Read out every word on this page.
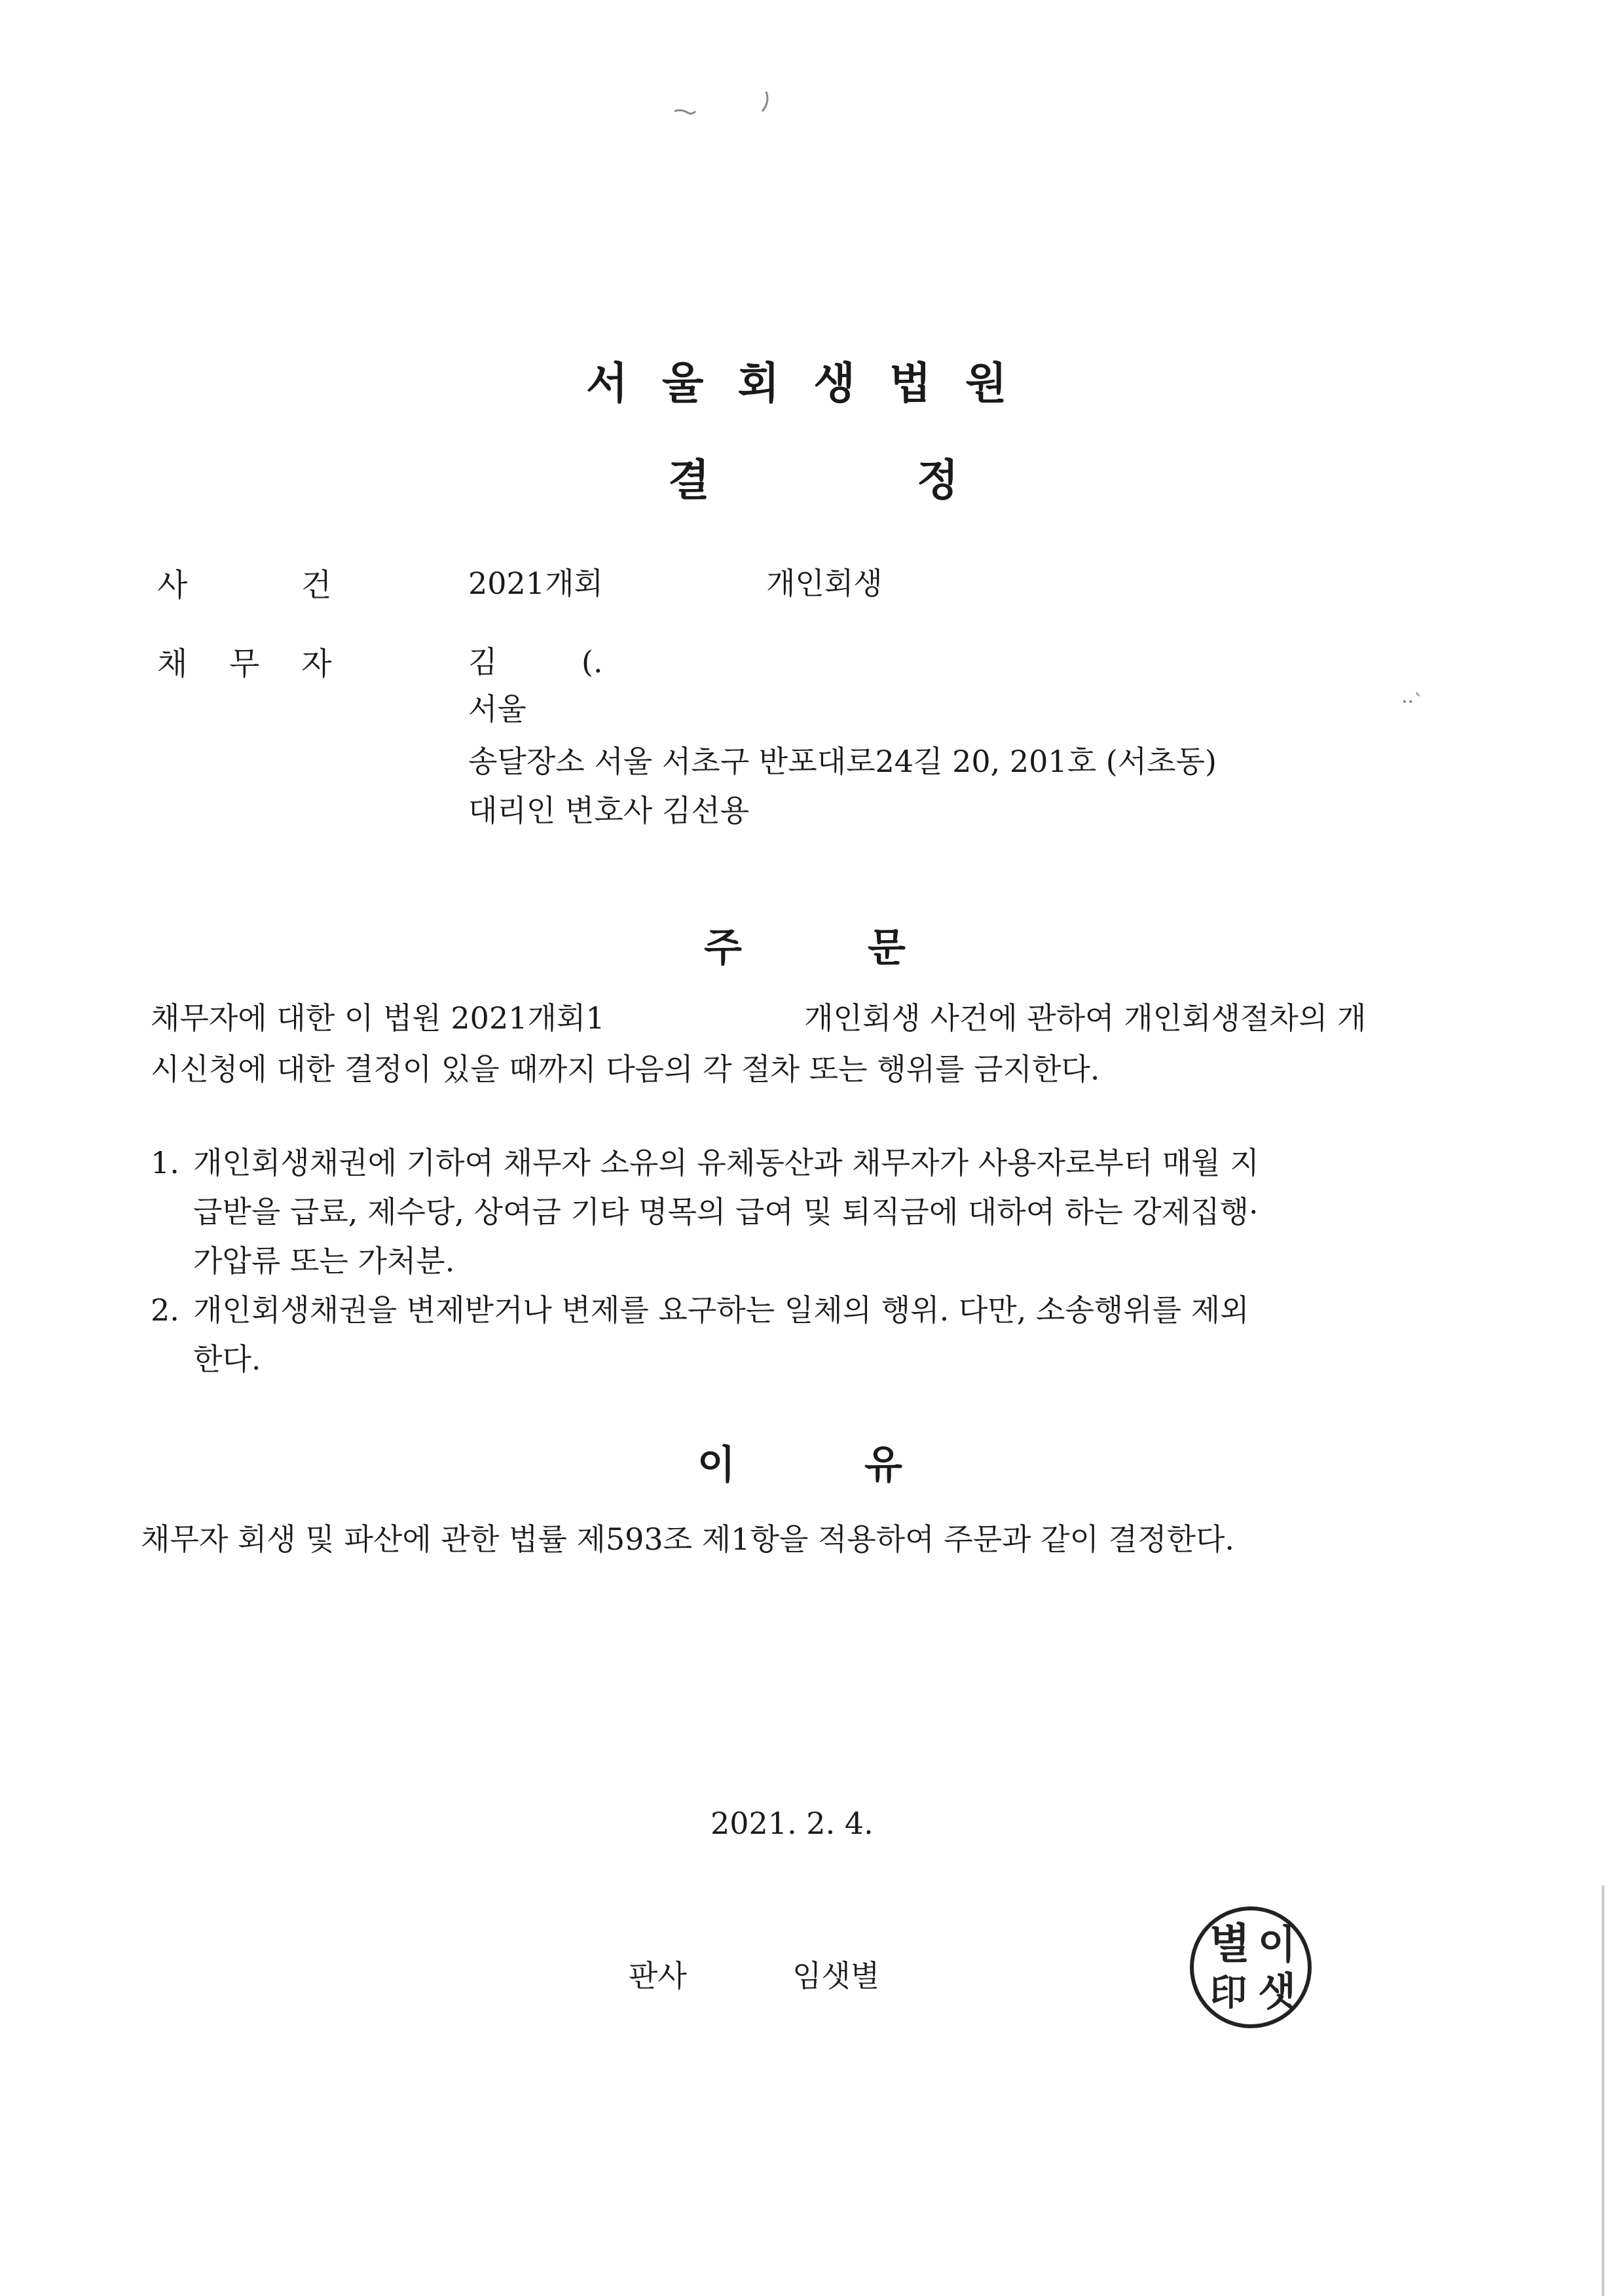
서울회생법원
결	정
사	건	2021개회	개인회생
채 무 자	김	(.
서울	··ˋ
송달장소 서울 서초구 반포대로24길 20, 201호 (서초동)
대리인 변호사 김선용
주	문
채무자에 대한 이 법원 2021개회1	개인회생 사건에 관하여 개인회생절차의 개
시신청에 대한 결정이 있을 때까지 다음의 각 절차 또는 행위를 금지한다.
1. 개인회생채권에 기하여 채무자 소유의 유체동산과 채무자가 사용자로부터 매월 지
급받을 급료, 제수당, 상여금 기타 명목의 급여 및 퇴직금에 대하여 하는 강제집행·
가압류 또는 가처분.
2. 개인회생채권을 변제받거나 변제를 요구하는 일체의 행위. 다만, 소송행위를 제외
한다.
이	유
채무자 회생 및 파산에 관한 법률 제593조 제1항을 적용하여 주문과 같이 결정한다.
2021. 2. 4.
판사	임샛별
별 이
印 샛
